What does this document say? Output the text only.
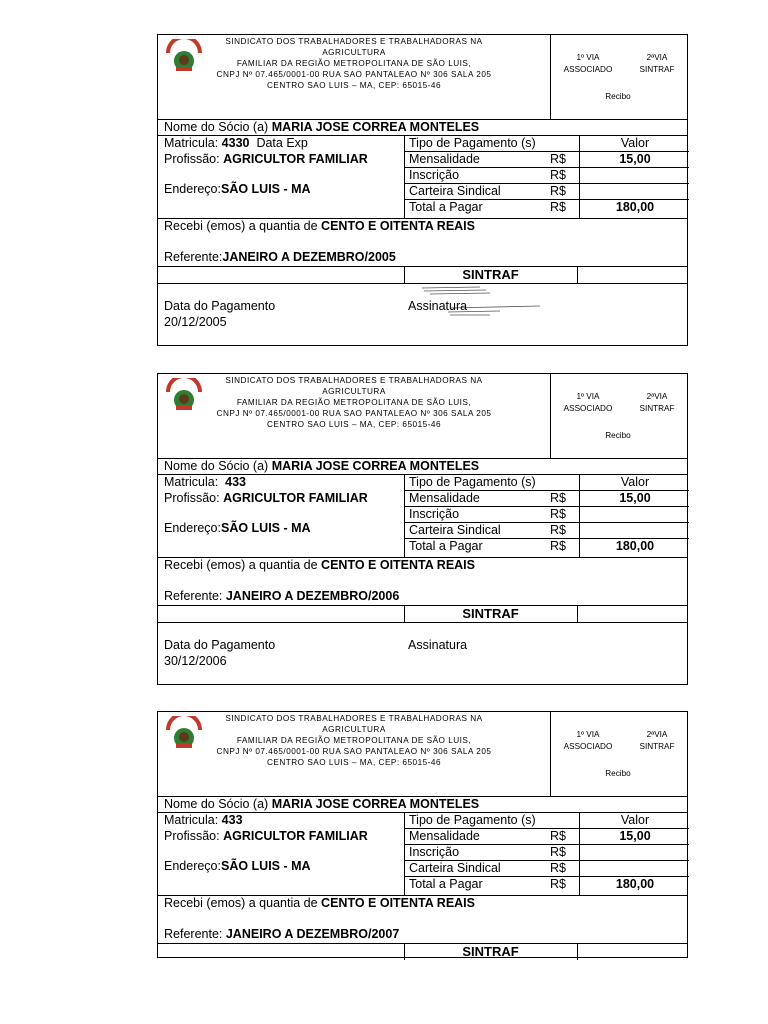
SINDICATO DOS TRABALHADORES E TRABALHADORAS NA
AGRICULTURA
FAMILIAR DA REGIÃO METROPOLITANA DE SÃO LUIS,
CNPJ Nº 07.465/0001-00 RUA SAO PANTALEAO Nº 306 SALA 205
CENTRO SAO LUIS – MA, CEP: 65015-46
1º VIA
ASSOCIADO
2ªVIA
SINTRAF
Recibo
Nome do Sócio (a) MARIA JOSE CORREA MONTELES
Matricula: 4330 Data Exp
Profissão: AGRICULTOR FAMILIAR
Endereço:SÃO LUIS - MA
Tipo de Pagamento (s)	Valor
Mensalidade	R$	15,00
Inscrição	R$
Carteira Sindical	R$
Total a Pagar	R$	180,00
Recebi (emos) a quantia de CENTO E OITENTA REAIS
Referente:JANEIRO A DEZEMBRO/2005
SINTRAF
Data do Pagamento
20/12/2005
Assinatura
SINDICATO DOS TRABALHADORES E TRABALHADORAS NA
AGRICULTURA
FAMILIAR DA REGIÃO METROPOLITANA DE SÃO LUIS,
CNPJ Nº 07.465/0001-00 RUA SAO PANTALEAO Nº 306 SALA 205
CENTRO SAO LUIS – MA, CEP: 65015-46
1º VIA
ASSOCIADO
2ªVIA
SINTRAF
Recibo
Nome do Sócio (a) MARIA JOSE CORREA MONTELES
Matricula: 433
Profissão: AGRICULTOR FAMILIAR
Endereço:SÃO LUIS - MA
Tipo de Pagamento (s)	Valor
Mensalidade	R$	15,00
Inscrição	R$
Carteira Sindical	R$
Total a Pagar	R$	180,00
Recebi (emos) a quantia de CENTO E OITENTA REAIS
Referente: JANEIRO A DEZEMBRO/2006
SINTRAF
Data do Pagamento
30/12/2006
Assinatura
SINDICATO DOS TRABALHADORES E TRABALHADORAS NA
AGRICULTURA
FAMILIAR DA REGIÃO METROPOLITANA DE SÃO LUIS,
CNPJ Nº 07.465/0001-00 RUA SAO PANTALEAO Nº 306 SALA 205
CENTRO SAO LUIS – MA, CEP: 65015-46
1º VIA
ASSOCIADO
2ªVIA
SINTRAF
Recibo
Nome do Sócio (a) MARIA JOSE CORREA MONTELES
Matricula: 433
Profissão: AGRICULTOR FAMILIAR
Endereço:SÃO LUIS - MA
Tipo de Pagamento (s)	Valor
Mensalidade	R$	15,00
Inscrição	R$
Carteira Sindical	R$
Total a Pagar	R$	180,00
Recebi (emos) a quantia de CENTO E OITENTA REAIS
Referente: JANEIRO A DEZEMBRO/2007
SINTRAF
